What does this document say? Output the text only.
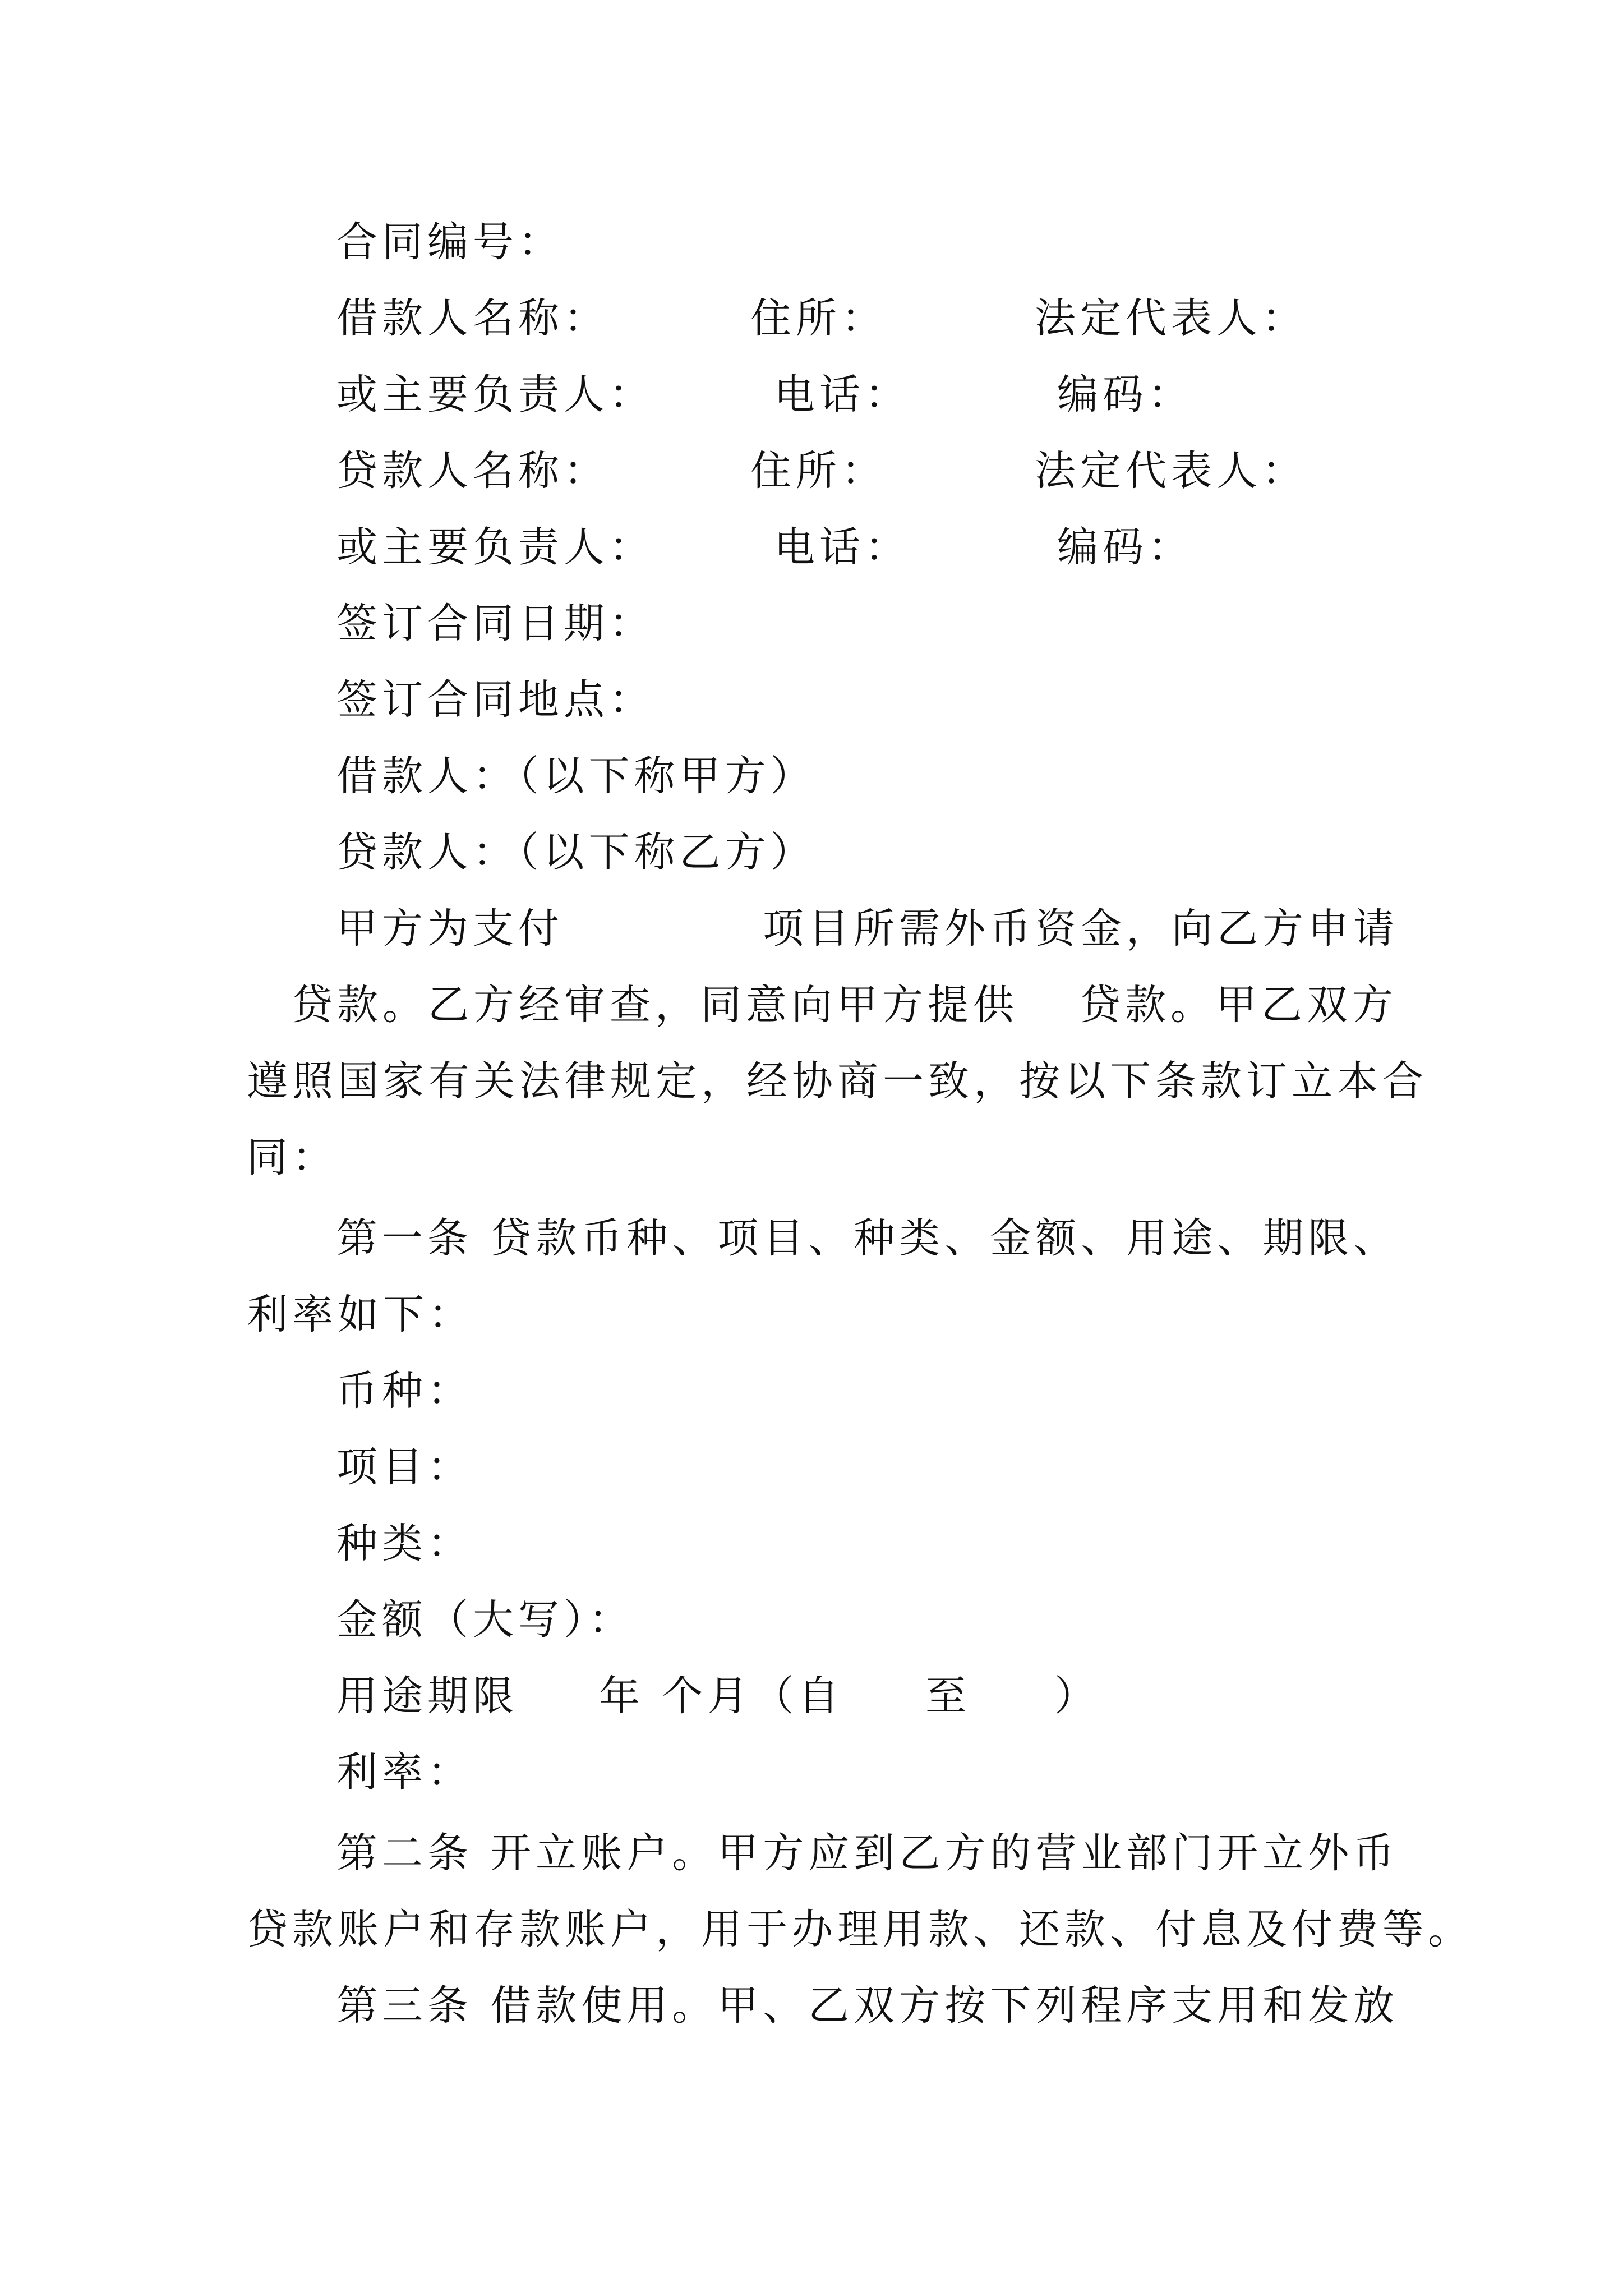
合同编号：
借款人名称：	住所：	法定代表人：
或主要负责人：	电话：	编码：
贷款人名称：	住所：	法定代表人：
或主要负责人：	电话：	编码：
签订合同日期：
签订合同地点：
借款人：（以下称甲方）
贷款人：（以下称乙方）
甲方为支付	项目所需外币资金，向乙方申请
贷款。乙方经审查，同意向甲方提供 贷款。甲乙双方
遵照国家有关法律规定，经协商一致，按以下条款订立本合
同：
第一条 贷款币种、项目、种类、金额、用途、期限、
利率如下：
币种：
项目：
种类：
金额（大写）：
用途期限 年 个月（自 至 ）
利率：
第二条 开立账户。甲方应到乙方的营业部门开立外币
贷款账户和存款账户，用于办理用款、还款、付息及付费等。
第三条 借款使用。甲、乙双方按下列程序支用和发放
